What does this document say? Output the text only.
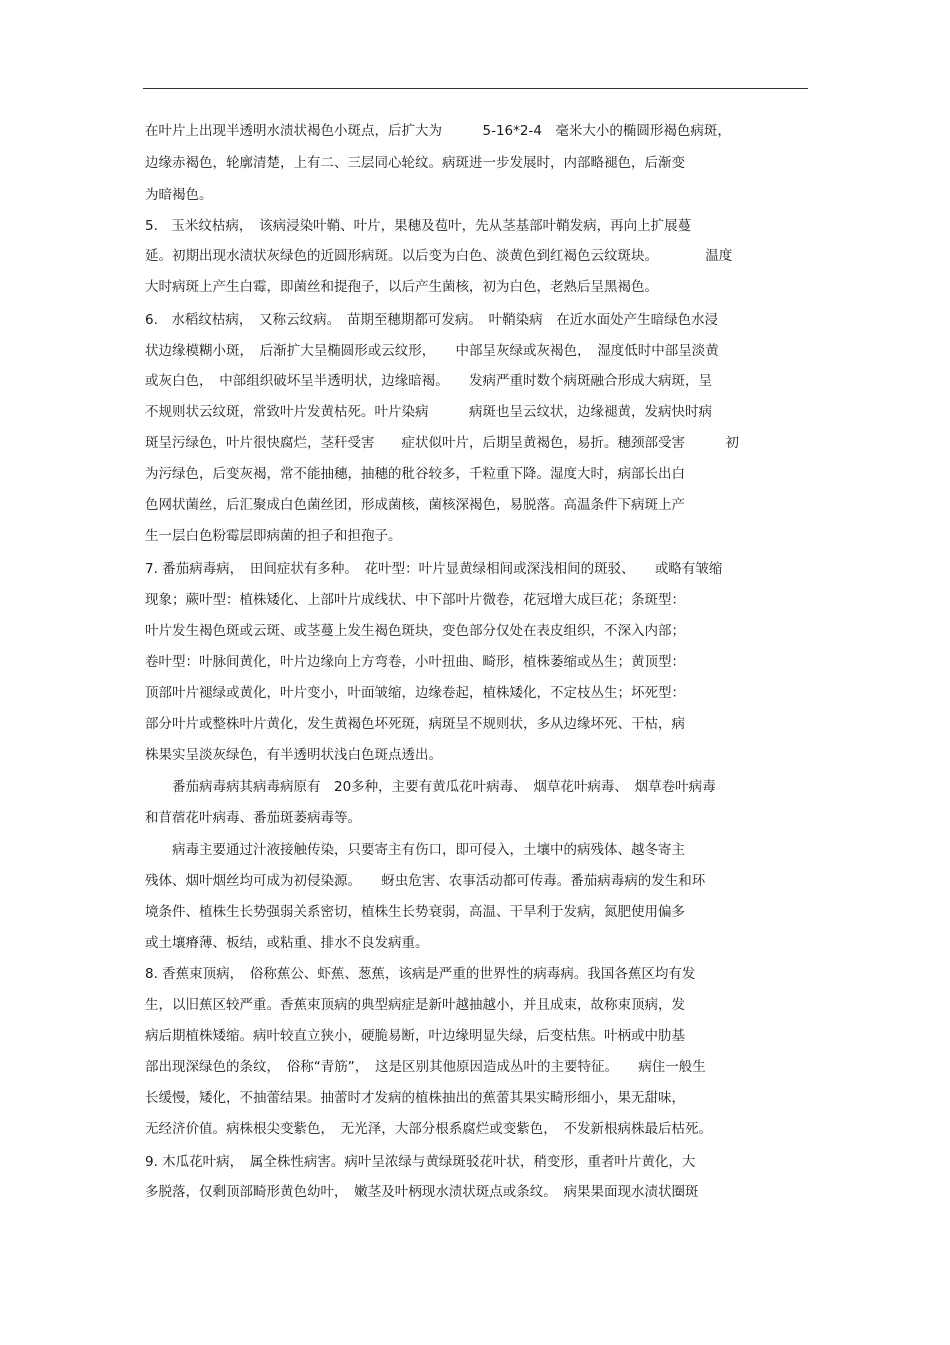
在叶片上出现半透明水渍状褐色小斑点，后扩大为　　　5-16*2-4　毫米大小的椭圆形褐色病斑，

边缘赤褐色，轮廓清楚，上有二、三层同心轮纹。病斑进一步发展时，内部略褪色，后渐变

为暗褐色。

5.　玉米纹枯病，　该病浸染叶鞘、叶片，果穗及苞叶，先从茎基部叶鞘发病，再向上扩展蔓

延。初期出现水渍状灰绿色的近圆形病斑。以后变为白色、淡黄色到红褐色云纹斑块。　　　　温度

大时病斑上产生白霉，即菌丝和提孢子，以后产生菌核，初为白色，老熟后呈黑褐色。

6.　水稻纹枯病，　又称云纹病。　苗期至穗期都可发病。　叶鞘染病　在近水面处产生暗绿色水浸

状边缘模糊小斑，　后渐扩大呈椭圆形或云纹形，　　中部呈灰绿或灰褐色，　湿度低时中部呈淡黄

或灰白色，　中部组织破坏呈半透明状，边缘暗褐。　　发病严重时数个病斑融合形成大病斑，呈

不规则状云纹斑，常致叶片发黄枯死。叶片染病　　　病斑也呈云纹状，边缘褪黄，发病快时病

斑呈污绿色，叶片很快腐烂，茎秆受害　　症状似叶片，后期呈黄褐色，易折。穗颈部受害　　　初

为污绿色，后变灰褐，常不能抽穗，抽穗的秕谷较多，千粒重下降。湿度大时，病部长出白

色网状菌丝，后汇聚成白色菌丝团，形成菌核，菌核深褐色，易脱落。高温条件下病斑上产

生一层白色粉霉层即病菌的担子和担孢子。

7. 番茄病毒病，　田间症状有多种。　花叶型：叶片显黄绿相间或深浅相间的斑驳、　　或略有皱缩

现象；蕨叶型：植株矮化、上部叶片成线状、中下部叶片微卷，花冠增大成巨花；条斑型：

叶片发生褐色斑或云斑、或茎蔓上发生褐色斑块，变色部分仅处在表皮组织，不深入内部；

卷叶型：叶脉间黄化，叶片边缘向上方弯卷，小叶扭曲、畸形，植株萎缩或丛生；黄顶型：

顶部叶片褪绿或黄化，叶片变小，叶面皱缩，边缘卷起，植株矮化，不定枝丛生；坏死型：

部分叶片或整株叶片黄化，发生黄褐色坏死斑，病斑呈不规则状，多从边缘坏死、干枯，病

株果实呈淡灰绿色，有半透明状浅白色斑点透出。

　　番茄病毒病其病毒病原有　20多种，主要有黄瓜花叶病毒、　烟草花叶病毒、　烟草卷叶病毒

和苜蓿花叶病毒、番茄斑萎病毒等。

　　病毒主要通过汁液接触传染，只要寄主有伤口，即可侵入，土壤中的病残体、越冬寄主

残体、烟叶烟丝均可成为初侵染源。　　蚜虫危害、农事活动都可传毒。番茄病毒病的发生和环

境条件、植株生长势强弱关系密切，植株生长势衰弱，高温、干旱利于发病，氮肥使用偏多

或土壤瘠薄、板结，或粘重、排水不良发病重。

8. 香蕉束顶病，　俗称蕉公、虾蕉、葱蕉，该病是严重的世界性的病毒病。我国各蕉区均有发

生，以旧蕉区较严重。香蕉束顶病的典型病症是新叶越抽越小，并且成束，故称束顶病，发

病后期植株矮缩。病叶较直立狭小，硬脆易断，叶边缘明显失绿，后变枯焦。叶柄或中肋基

部出现深绿色的条纹，　俗称“青筋”，　这是区别其他原因造成丛叶的主要特征。　　病住一般生

长缓慢，矮化，不抽蕾结果。抽蕾时才发病的植株抽出的蕉蕾其果实畸形细小，果无甜味，

无经济价值。病株根尖变紫色，　无光泽，大部分根系腐烂或变紫色，　不发新根病株最后枯死。

9. 木瓜花叶病，　属全株性病害。病叶呈浓绿与黄绿斑驳花叶状，稍变形，重者叶片黄化，大

多脱落，仅剩顶部畸形黄色幼叶，　嫩茎及叶柄现水渍状斑点或条纹。　病果果面现水渍状圈斑
